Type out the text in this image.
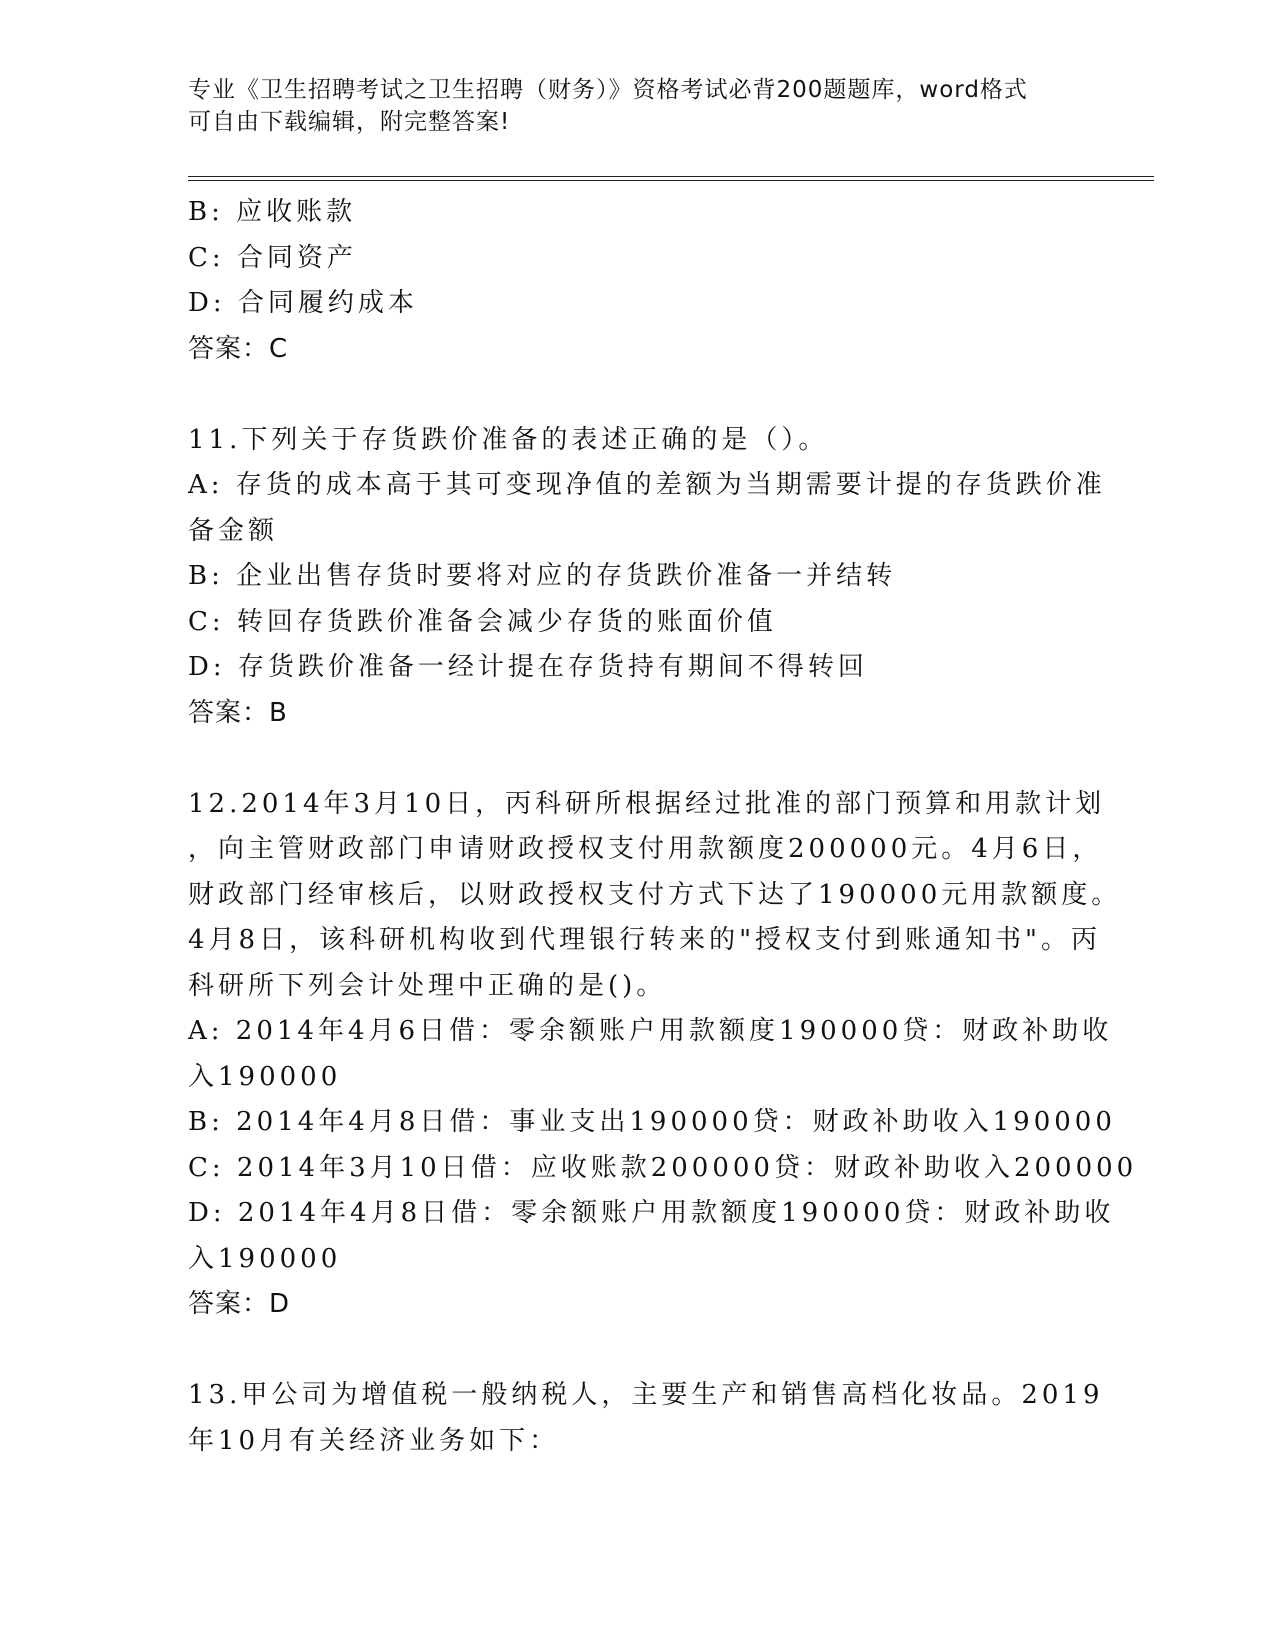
专业《卫生招聘考试之卫生招聘（财务）》资格考试必背200题题库，word格式
可自由下载编辑，附完整答案!
B: 应收账款
C: 合同资产
D: 合同履约成本
答案：C
11.下列关于存货跌价准备的表述正确的是（）。
A: 存货的成本高于其可变现净值的差额为当期需要计提的存货跌价准
备金额
B: 企业出售存货时要将对应的存货跌价准备一并结转
C: 转回存货跌价准备会减少存货的账面价值
D: 存货跌价准备一经计提在存货持有期间不得转回
答案：B
12.2014年3月10日，丙科研所根据经过批准的部门预算和用款计划
，向主管财政部门申请财政授权支付用款额度200000元。4月6日，
财政部门经审核后，以财政授权支付方式下达了190000元用款额度。
4月8日，该科研机构收到代理银行转来的"授权支付到账通知书"。丙
科研所下列会计处理中正确的是()。
A: 2014年4月6日借：零余额账户用款额度190000贷：财政补助收
入190000
B: 2014年4月8日借：事业支出190000贷：财政补助收入190000
C: 2014年3月10日借：应收账款200000贷：财政补助收入200000
D: 2014年4月8日借：零余额账户用款额度190000贷：财政补助收
入190000
答案：D
13.甲公司为增值税一般纳税人，主要生产和销售高档化妆品。2019
年10月有关经济业务如下：
